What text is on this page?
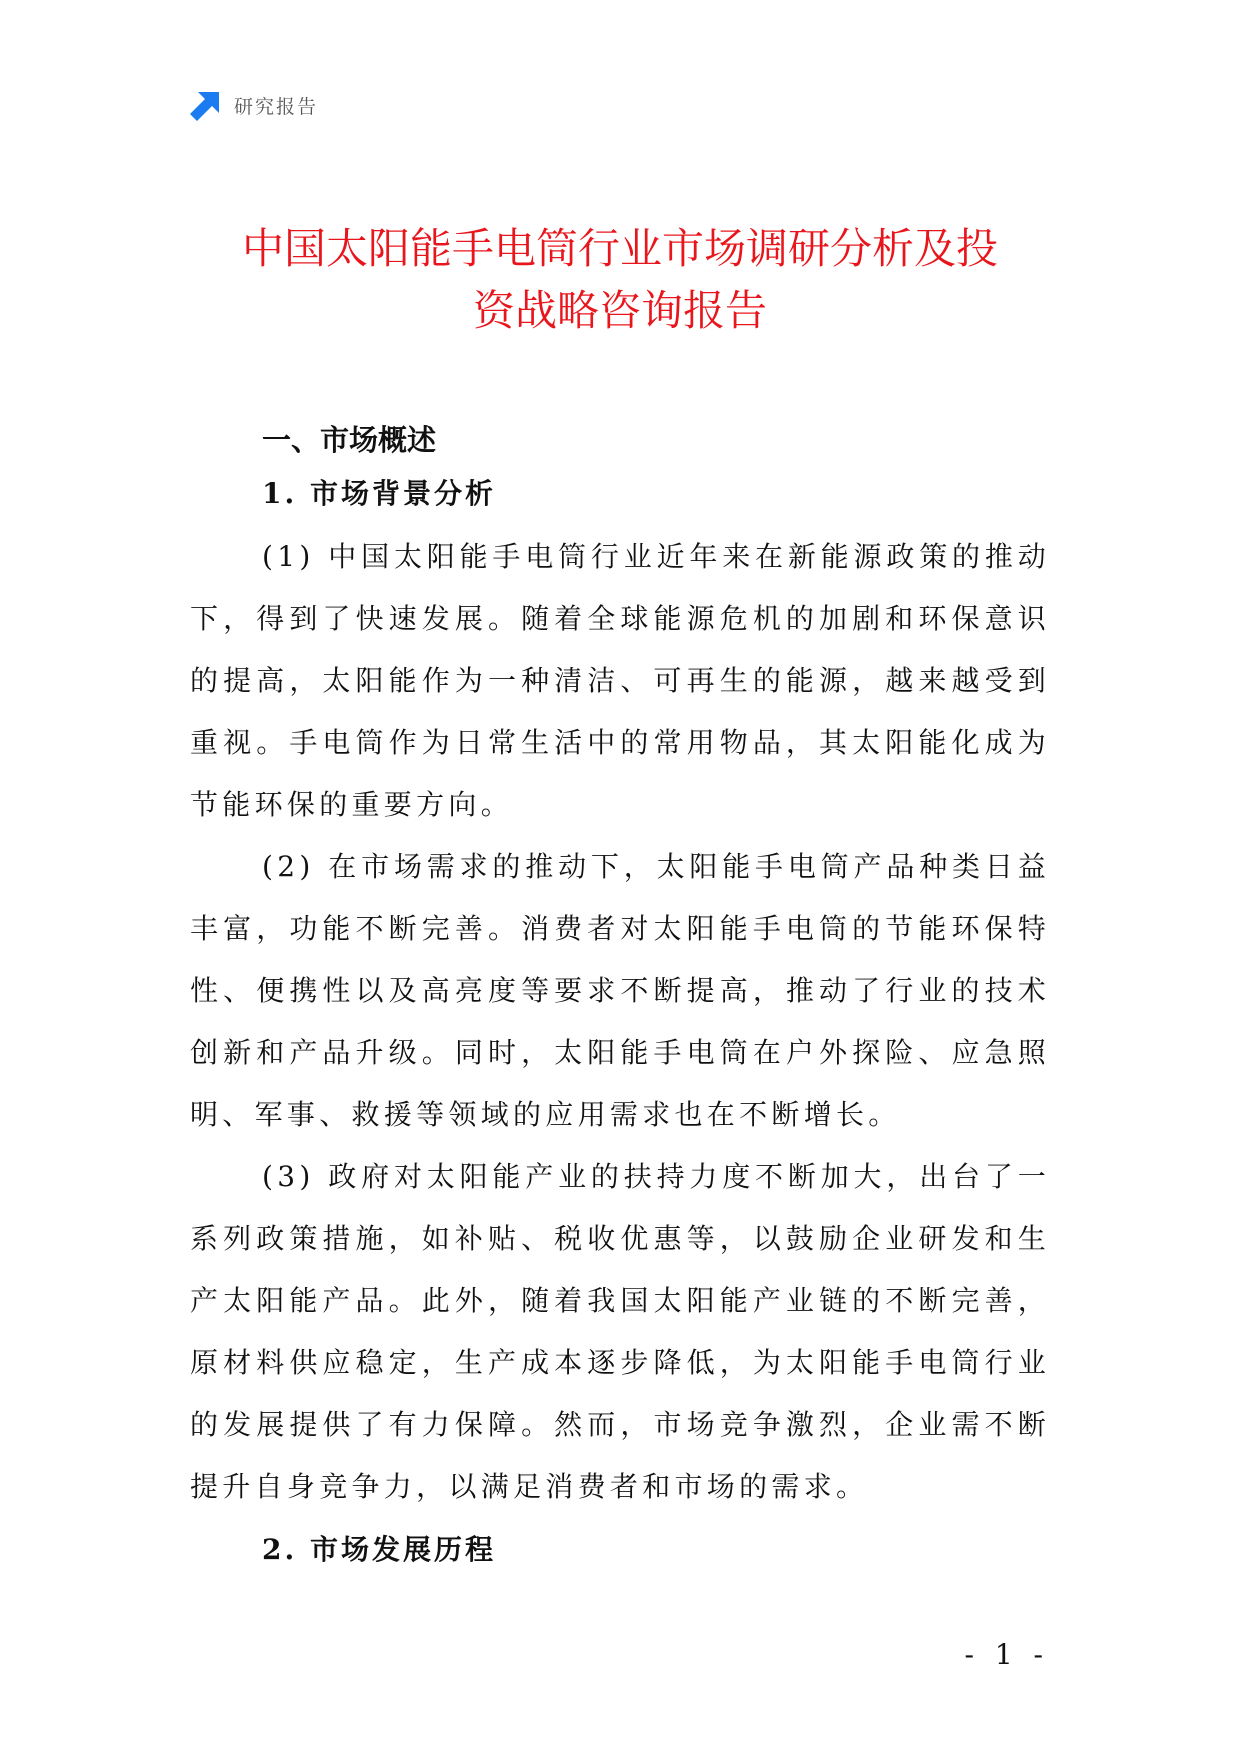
研究报告
中国太阳能手电筒行业市场调研分析及投
资战略咨询报告
一、市场概述
1. 市场背景分析

(1) 中国太阳能手电筒行业近年来在新能源政策的推动下，得到了快速发展。随着全球能源危机的加剧和环保意识的提高，太阳能作为一种清洁、可再生的能源，越来越受到重视。手电筒作为日常生活中的常用物品，其太阳能化成为节能环保的重要方向。

(2) 在市场需求的推动下，太阳能手电筒产品种类日益丰富，功能不断完善。消费者对太阳能手电筒的节能环保特性、便携性以及高亮度等要求不断提高，推动了行业的技术创新和产品升级。同时，太阳能手电筒在户外探险、应急照明、军事、救援等领域的应用需求也在不断增长。

(3) 政府对太阳能产业的扶持力度不断加大，出台了一系列政策措施，如补贴、税收优惠等，以鼓励企业研发和生产太阳能产品。此外，随着我国太阳能产业链的不断完善，原材料供应稳定，生产成本逐步降低，为太阳能手电筒行业的发展提供了有力保障。然而，市场竞争激烈，企业需不断提升自身竞争力，以满足消费者和市场的需求。

2. 市场发展历程
- 1 -
